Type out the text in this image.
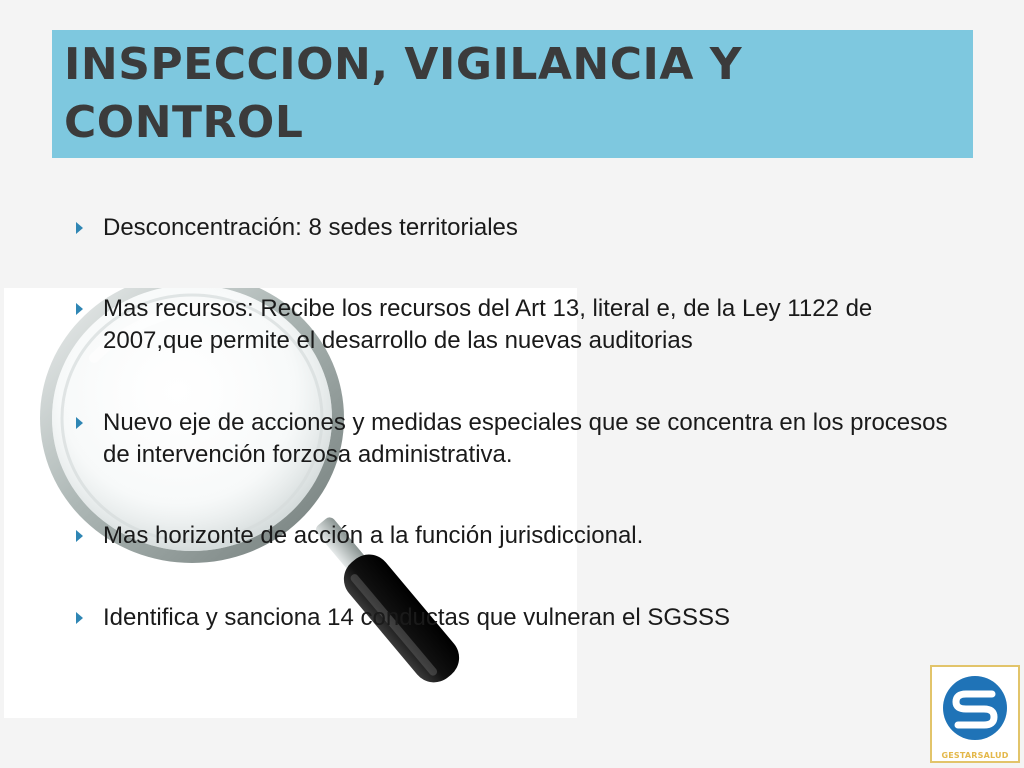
INSPECCION, VIGILANCIA Y CONTROL
Desconcentración: 8 sedes territoriales
Mas recursos: Recibe los recursos del Art 13, literal e, de la Ley 1122 de 2007,que permite el desarrollo de las nuevas auditorias
Nuevo eje de acciones y medidas especiales que se concentra en los procesos de intervención forzosa administrativa.
Mas horizonte de acción a la función jurisdiccional.
Identifica y sanciona 14 conductas que vulneran el SGSSS
GESTARSALUD
